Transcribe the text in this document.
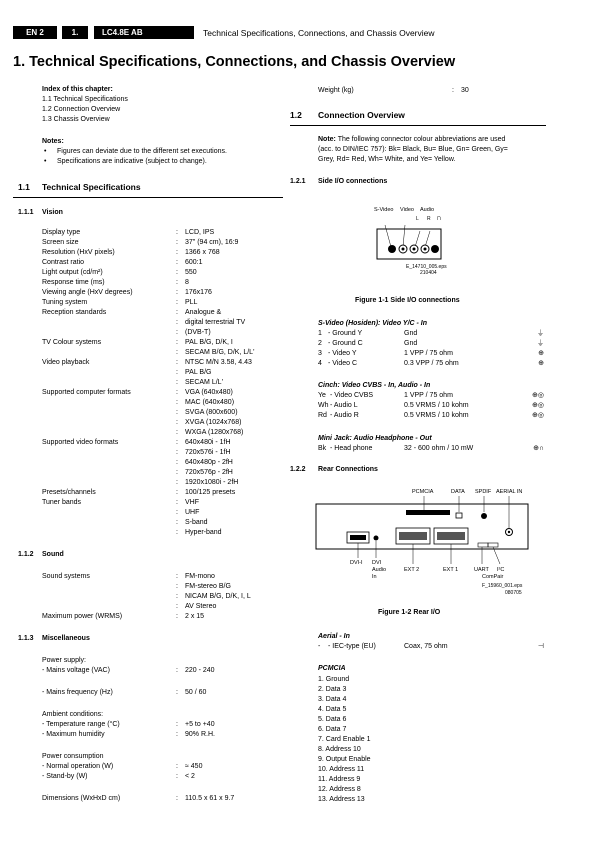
EN 2	1.	LC4.8E AB	Technical Specifications, Connections, and Chassis Overview
1. Technical Specifications, Connections, and Chassis Overview
Index of this chapter:
1.1 Technical Specifications
1.2 Connection Overview
1.3 Chassis Overview
Notes:
• Figures can deviate due to the different set executions.
• Specifications are indicative (subject to change).
1.1 Technical Specifications
1.1.1 Vision
Display type	: LCD, IPS
Screen size	: 37" (94 cm), 16:9
Resolution (HxV pixels)	: 1366 x 768
Contrast ratio	: 600:1
Light output (cd/m²)	: 550
Response time (ms)	: 8
Viewing angle (HxV degrees)	: 176x176
Tuning system	: PLL
Reception standards	: Analogue &
: digital terrestrial TV
: (DVB-T)
TV Colour systems	: PAL B/G, D/K, I
: SECAM B/G, D/K, L/L'
Video playback	: NTSC M/N 3.58, 4.43
: PAL B/G
: SECAM L/L'
Supported computer formats	: VGA (640x480)
: MAC (640x480)
: SVGA (800x600)
: XVGA (1024x768)
: WXGA (1280x768)
Supported video formats	: 640x480i - 1fH
: 720x576i - 1fH
: 640x480p - 2fH
: 720x576p - 2fH
: 1920x1080i - 2fH
Presets/channels	: 100/125 presets
Tuner bands	: VHF
: UHF
: S-band
: Hyper-band
1.1.2 Sound
Sound systems	: FM-mono
: FM-stereo B/G
: NICAM B/G, D/K, I, L
: AV Stereo
Maximum power (WRMS)	: 2 x 15
1.1.3 Miscellaneous
Power supply:
- Mains voltage (VAC)	: 220 - 240
- Mains frequency (Hz)	: 50 / 60
Ambient conditions:
- Temperature range (°C)	: +5 to +40
- Maximum humidity	: 90% R.H.
Power consumption
- Normal operation (W)	: ≈ 450
- Stand-by (W)	: < 2
Dimensions (WxHxD cm)	: 110.5 x 61 x 9.7
Weight (kg)	: 30
1.2 Connection Overview
Note: The following connector colour abbreviations are used
(acc. to DIN/IEC 757): Bk= Black, Bu= Blue, Gn= Green, Gy=
Grey, Rd= Red, Wh= White, and Ye= Yellow.
1.2.1 Side I/O connections
S-Video Video Audio
L R ∩
E_14710_005.eps
210404
Figure 1-1 Side I/O connections
S-Video (Hosiden): Video Y/C - In
1 - Ground Y	Gnd	⏚
2 - Ground C	Gnd	⏚
3 - Video Y	1 VPP / 75 ohm	⊕
4 - Video C	0.3 VPP / 75 ohm	⊕
Cinch: Video CVBS - In, Audio - In
Ye - Video CVBS	1 VPP / 75 ohm	⊕◎
Wh - Audio L	0.5 VRMS / 10 kohm	⊕◎
Rd - Audio R	0.5 VRMS / 10 kohm	⊕◎
Mini Jack: Audio Headphone - Out
Bk - Head phone	32 - 600 ohm / 10 mW	⊕∩
1.2.2 Rear Connections
PCMCIA	DATA SPDIF AERIAL IN
DVI-I DVI Audio In
EXT 2	EXT 1	UART I²C
ComPair
F_15960_001.eps
080705
Figure 1-2 Rear I/O
Aerial - In
- - IEC-type (EU)	Coax, 75 ohm	⊣
PCMCIA
1. Ground
2. Data 3
3. Data 4
4. Data 5
5. Data 6
6. Data 7
7. Card Enable 1
8. Address 10
9. Output Enable
10. Address 11
11. Address 9
12. Address 8
13. Address 13
